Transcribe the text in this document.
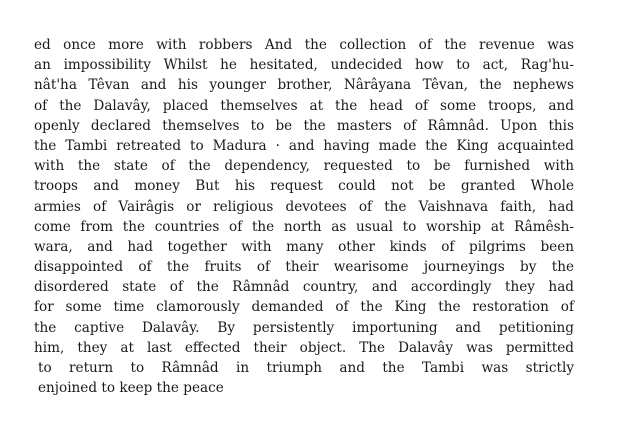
ed once more with robbers And the collection of the revenue was
an impossibility Whilst he hesitated, undecided how to act, Rag'hu-
nât'ha Têvan and his younger brother, Nârâyana Têvan, the nephews
of the Dalavây, placed themselves at the head of some troops, and
openly declared themselves to be the masters of Râmnâd. Upon this
the Tambi retreated to Madura · and having made the King acquainted
with the state of the dependency, requested to be furnished with
troops and money But his request could not be granted Whole
armies of Vairâgis or religious devotees of the Vaishnava faith, had
come from the countries of the north as usual to worship at Râmêsh-
wara, and had together with many other kinds of pilgrims been
disappointed of the fruits of their wearisome journeyings by the
disordered state of the Râmnâd country, and accordingly they had
for some time clamorously demanded of the King the restoration of
the captive Dalavây. By persistently importuning and petitioning
him, they at last effected their object. The Dalavây was permitted
to return to Râmnâd in triumph and the Tambi was strictly
enjoined to keep the peace
